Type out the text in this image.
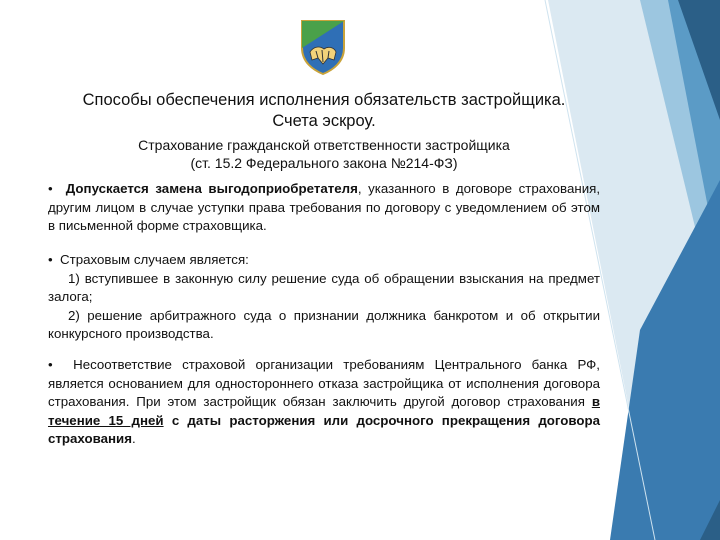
Способы обеспечения исполнения обязательств застройщика.
Счета эскроу.
Страхование гражданской ответственности застройщика
(ст. 15.2 Федерального закона №214-ФЗ)
• Допускается замена выгодоприобретателя, указанного в договоре страхования, другим лицом в случае уступки права требования по договору с уведомлением об этом в письменной форме страховщика.
• Страховым случаем является:
1) вступившее в законную силу решение суда об обращении взыскания на предмет залога;
2) решение арбитражного суда о признании должника банкротом и об открытии конкурсного производства.
• Несоответствие страховой организации требованиям Центрального банка РФ, является основанием для одностороннего отказа застройщика от исполнения договора страхования. При этом застройщик обязан заключить другой договор страхования в течение 15 дней с даты расторжения или досрочного прекращения договора страхования.
